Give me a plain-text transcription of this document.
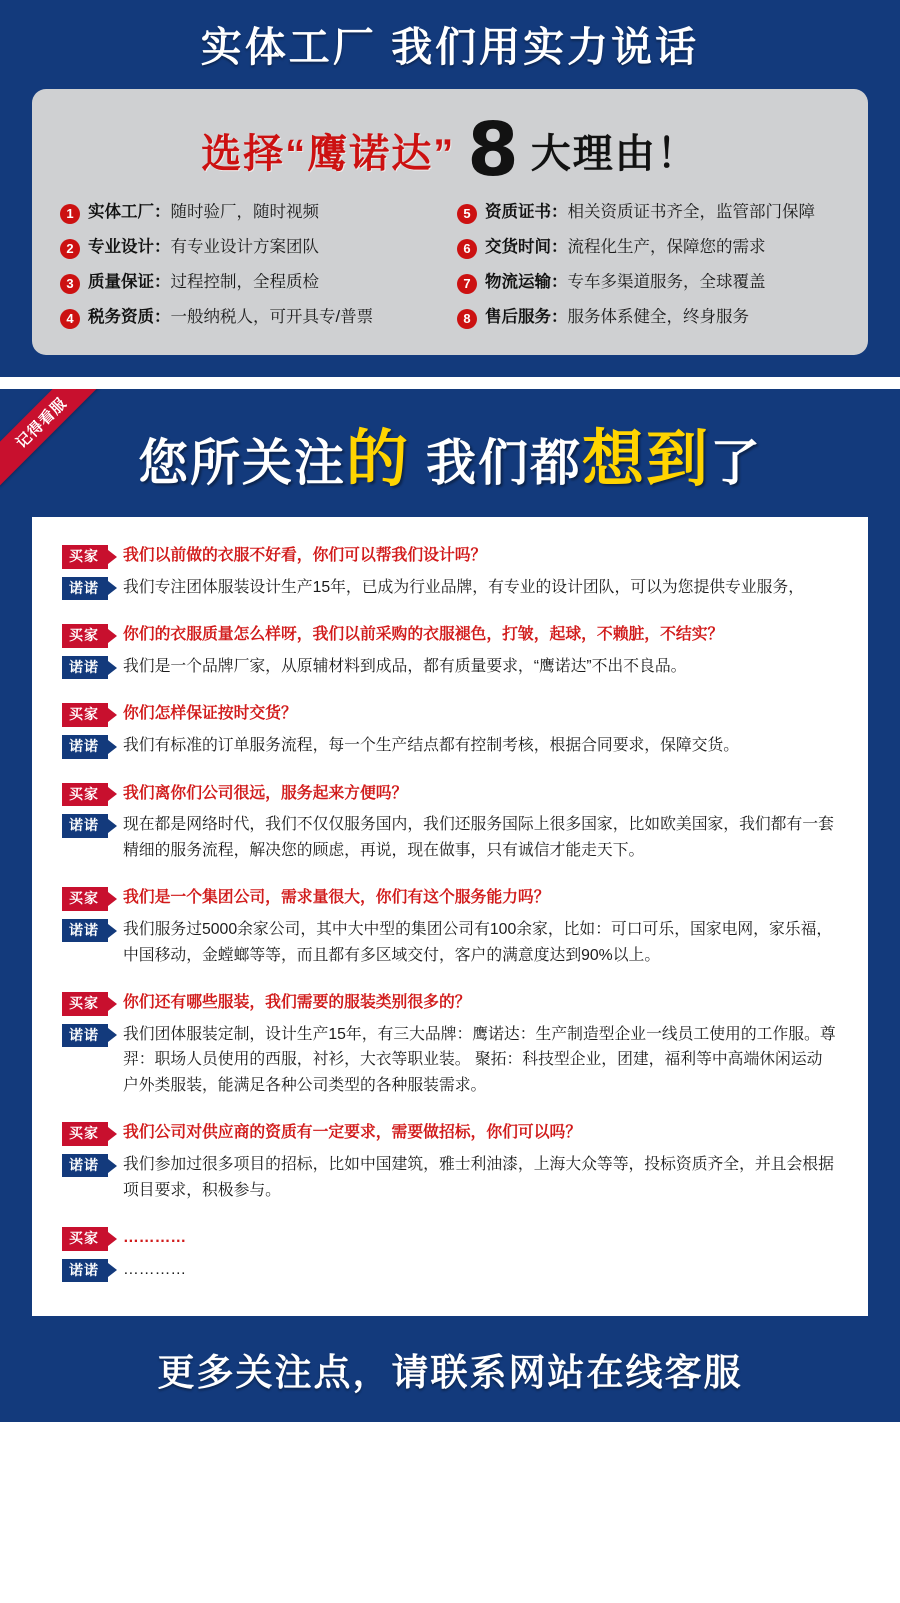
实体工厂 我们用实力说话
选择“鹰诺达” 8 大理由！
1 实体工厂：随时验厂，随时视频	5 资质证书：相关资质证书齐全，监管部门保障
2 专业设计：有专业设计方案团队	6 交货时间：流程化生产，保障您的需求
3 质量保证：过程控制，全程质检	7 物流运输：专车多渠道服务，全球覆盖
4 税务资质：一般纳税人，可开具专/普票	8 售后服务：服务体系健全，终身服务
记得看服
您所关注的 我们都想到了
买家	我们以前做的衣服不好看，你们可以帮我们设计吗？
诺诺	我们专注团体服装设计生产15年，已成为行业品牌，有专业的设计团队，可以为您提供专业服务，
买家	你们的衣服质量怎么样呀，我们以前采购的衣服褪色，打皱，起球，不赖脏，不结实？
诺诺	我们是一个品牌厂家，从原辅材料到成品，都有质量要求，“鹰诺达”不出不良品。
买家	你们怎样保证按时交货？
诺诺	我们有标准的订单服务流程，每一个生产结点都有控制考核，根据合同要求，保障交货。
买家	我们离你们公司很远，服务起来方便吗？
诺诺	现在都是网络时代，我们不仅仅服务国内，我们还服务国际上很多国家，比如欧美国家，我们都有一套精细的服务流程，解决您的顾虑，再说，现在做事，只有诚信才能走天下。
买家	我们是一个集团公司，需求量很大，你们有这个服务能力吗？
诺诺	我们服务过5000余家公司，其中大中型的集团公司有100余家，比如：可口可乐，国家电网，家乐福，中国移动，金螳螂等等，而且都有多区域交付，客户的满意度达到90%以上。
买家	你们还有哪些服装，我们需要的服装类别很多的？
诺诺	我们团体服装定制，设计生产15年，有三大品牌：鹰诺达：生产制造型企业一线员工使用的工作服。尊羿：职场人员使用的西服，衬衫，大衣等职业装。 聚拓：科技型企业，团建，福利等中高端休闲运动户外类服装，能满足各种公司类型的各种服装需求。
买家	我们公司对供应商的资质有一定要求，需要做招标，你们可以吗？
诺诺	我们参加过很多项目的招标，比如中国建筑，雅士利油漆，上海大众等等，投标资质齐全，并且会根据项目要求，积极参与。
买家	…………
诺诺	…………
更多关注点，请联系网站在线客服
